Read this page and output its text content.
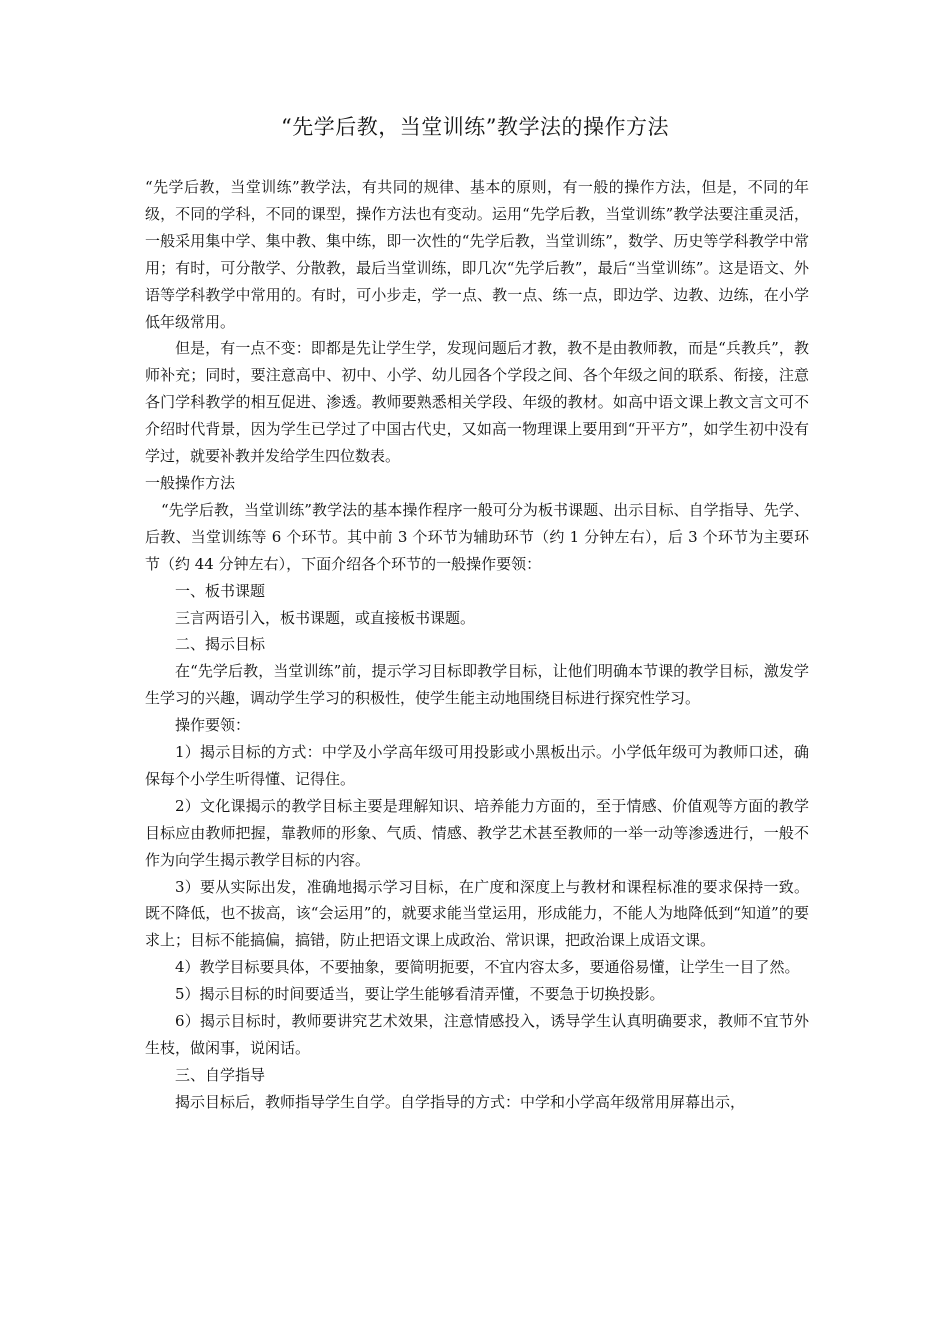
“先学后教，当堂训练”教学法的操作方法

“先学后教，当堂训练”教学法，有共同的规律、基本的原则，有一般的操作方法，但是，不同的年级，不同的学科，不同的课型，操作方法也有变动。运用“先学后教，当堂训练”教学法要注重灵活，一般采用集中学、集中教、集中练，即一次性的“先学后教，当堂训练”，数学、历史等学科教学中常用；有时，可分散学、分散教，最后当堂训练，即几次“先学后教”，最后“当堂训练”。这是语文、外语等学科教学中常用的。有时，可小步走，学一点、教一点、练一点，即边学、边教、边练，在小学低年级常用。

但是，有一点不变：即都是先让学生学，发现问题后才教，教不是由教师教，而是“兵教兵”，教师补充；同时，要注意高中、初中、小学、幼儿园各个学段之间、各个年级之间的联系、衔接，注意各门学科教学的相互促进、渗透。教师要熟悉相关学段、年级的教材。如高中语文课上教文言文可不介绍时代背景，因为学生已学过了中国古代史，又如高一物理课上要用到“开平方”，如学生初中没有学过，就要补教并发给学生四位数表。

一般操作方法

“先学后教，当堂训练”教学法的基本操作程序一般可分为板书课题、出示目标、自学指导、先学、后教、当堂训练等 6 个环节。其中前 3 个环节为辅助环节（约 1 分钟左右），后 3 个环节为主要环节（约 44 分钟左右），下面介绍各个环节的一般操作要领：

一、板书课题

三言两语引入，板书课题，或直接板书课题。

二、揭示目标

在“先学后教，当堂训练”前，提示学习目标即教学目标，让他们明确本节课的教学目标，激发学生学习的兴趣，调动学生学习的积极性，使学生能主动地围绕目标进行探究性学习。

操作要领：

1）揭示目标的方式：中学及小学高年级可用投影或小黑板出示。小学低年级可为教师口述，确保每个小学生听得懂、记得住。

2）文化课揭示的教学目标主要是理解知识、培养能力方面的，至于情感、价值观等方面的教学目标应由教师把握，靠教师的形象、气质、情感、教学艺术甚至教师的一举一动等渗透进行，一般不作为向学生揭示教学目标的内容。

3）要从实际出发，准确地揭示学习目标，在广度和深度上与教材和课程标准的要求保持一致。既不降低，也不拔高，该“会运用”的，就要求能当堂运用，形成能力，不能人为地降低到“知道”的要求上；目标不能搞偏，搞错，防止把语文课上成政治、常识课，把政治课上成语文课。

4）教学目标要具体，不要抽象，要简明扼要，不宜内容太多，要通俗易懂，让学生一目了然。

5）揭示目标的时间要适当，要让学生能够看清弄懂，不要急于切换投影。

6）揭示目标时，教师要讲究艺术效果，注意情感投入，诱导学生认真明确要求，教师不宜节外生枝，做闲事，说闲话。

三、自学指导

揭示目标后，教师指导学生自学。自学指导的方式：中学和小学高年级常用屏幕出示，
